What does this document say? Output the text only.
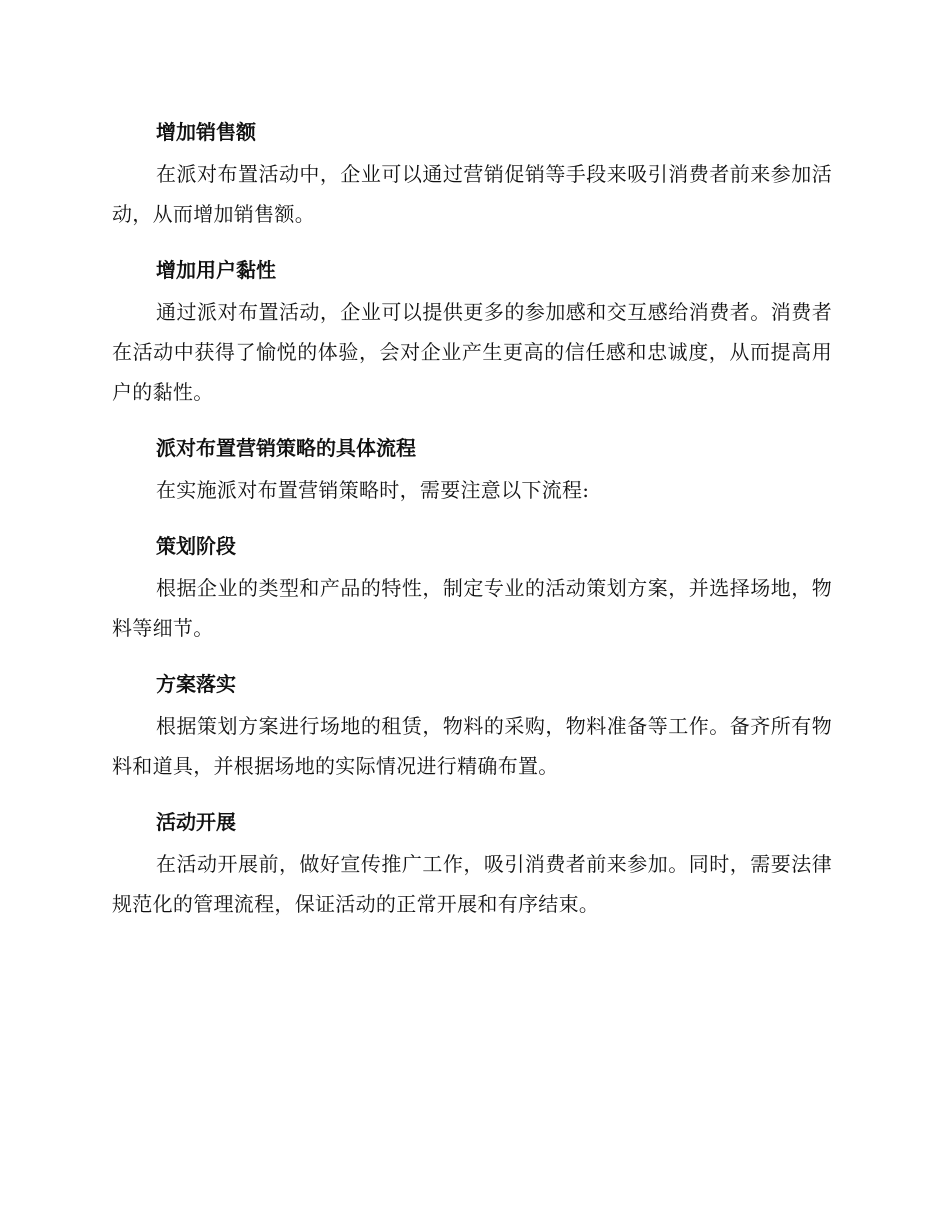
增加销售额

在派对布置活动中，企业可以通过营销促销等手段来吸引消费者前来参加活动，从而增加销售额。

增加用户黏性

通过派对布置活动，企业可以提供更多的参加感和交互感给消费者。消费者在活动中获得了愉悦的体验，会对企业产生更高的信任感和忠诚度，从而提高用户的黏性。

派对布置营销策略的具体流程

在实施派对布置营销策略时，需要注意以下流程:

策划阶段

根据企业的类型和产品的特性，制定专业的活动策划方案，并选择场地，物料等细节。

方案落实

根据策划方案进行场地的租赁，物料的采购，物料准备等工作。备齐所有物料和道具，并根据场地的实际情况进行精确布置。

活动开展

在活动开展前，做好宣传推广工作，吸引消费者前来参加。同时，需要法律规范化的管理流程，保证活动的正常开展和有序结束。
